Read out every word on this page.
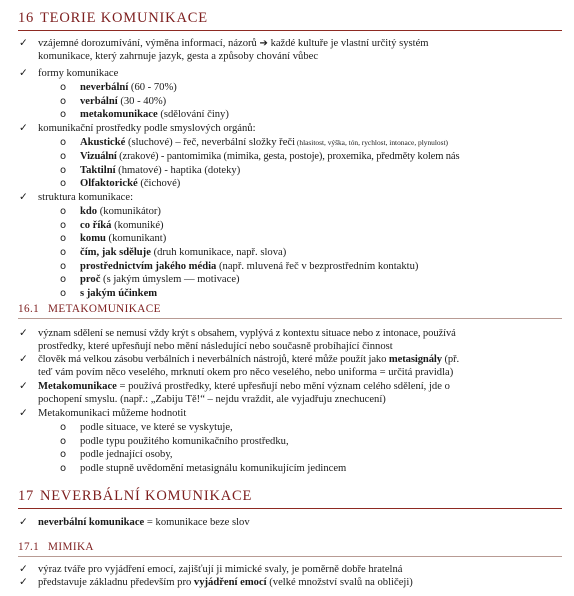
16 TEORIE KOMUNIKACE
✓ vzájemné dorozumívání, výměna informací, názorů ➔ každé kultuře je vlastní určitý systém
komunikace, který zahrnuje jazyk, gesta a způsoby chování vůbec
✓ formy komunikace
o neverbální (60 - 70%)
o verbální (30 - 40%)
o metakomunikace (sdělování činy)
✓ komunikační prostředky podle smyslových orgánů:
o Akustické (sluchové) – řeč, neverbální složky řeči (hlasitost, výška, tón, rychlost, intonace, plynulost)
o Vizuální (zrakové) - pantomimika (mimika, gesta, postoje), proxemika, předměty kolem nás
o Taktilní (hmatové) - haptika (doteky)
o Olfaktorické (čichové)
✓ struktura komunikace:
o kdo (komunikátor)
o co říká (komuniké)
o komu (komunikant)
o čím, jak sděluje (druh komunikace, např. slova)
o prostřednictvím jakého média (např. mluvená řeč v bezprostředním kontaktu)
o proč (s jakým úmyslem — motivace)
o s jakým účinkem
16.1 METAKOMUNIKACE
✓ význam sdělení se nemusí vždy krýt s obsahem, vyplývá z kontextu situace nebo z intonace, používá
prostředky, které upřesňují nebo mění následující nebo současně probíhající činnost
✓ člověk má velkou zásobu verbálních i neverbálních nástrojů, které může použít jako metasignály (př.
teď vám povím něco veselého, mrknutí okem pro něco veselého, nebo uniforma = určitá pravidla)
✓ Metakomunikace = používá prostředky, které upřesňují nebo mění význam celého sdělení, jde o
pochopení smyslu. (např.: „Zabiju Tě!“ – nejdu vraždit, ale vyjadřuju znechucení)
✓ Metakomunikaci můžeme hodnotit
o podle situace, ve které se vyskytuje,
o podle typu použitého komunikačního prostředku,
o podle jednající osoby,
o podle stupně uvědomění metasignálu komunikujícím jedincem
17 NEVERBÁLNÍ KOMUNIKACE
✓ neverbální komunikace = komunikace beze slov
17.1 MIMIKA
✓ výraz tváře pro vyjádření emocí, zajišťují ji mimické svaly, je poměrně dobře hratelná
✓ představuje základnu především pro vyjádření emocí (velké množství svalů na obličeji)
